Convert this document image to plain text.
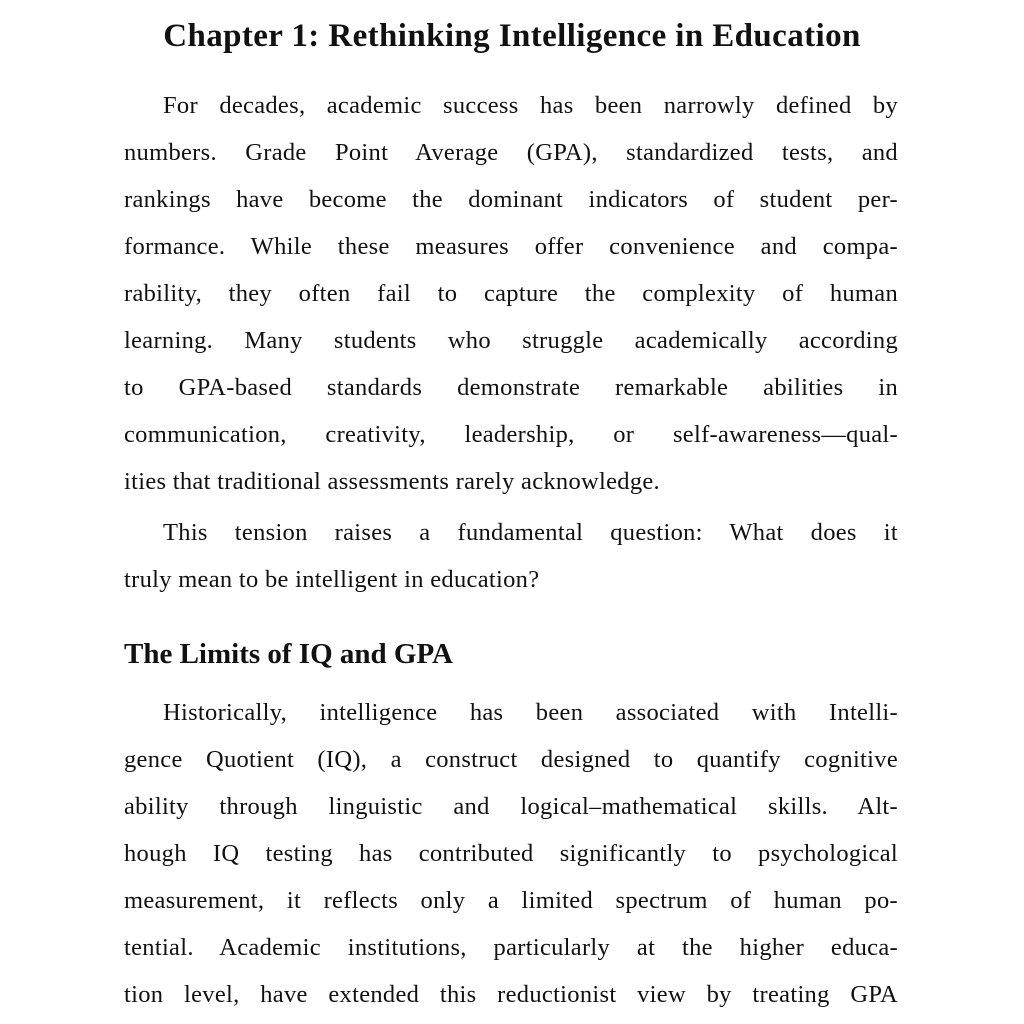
Chapter 1: Rethinking Intelligence in Education
For decades, academic success has been narrowly defined by
numbers. Grade Point Average (GPA), standardized tests, and
rankings have become the dominant indicators of student per-
formance. While these measures offer convenience and compa-
rability, they often fail to capture the complexity of human
learning. Many students who struggle academically according
to GPA-based standards demonstrate remarkable abilities in
communication, creativity, leadership, or self-awareness—qual-
ities that traditional assessments rarely acknowledge.
This tension raises a fundamental question: What does it
truly mean to be intelligent in education?
The Limits of IQ and GPA
Historically, intelligence has been associated with Intelli-
gence Quotient (IQ), a construct designed to quantify cognitive
ability through linguistic and logical–mathematical skills. Alt-
hough IQ testing has contributed significantly to psychological
measurement, it reflects only a limited spectrum of human po-
tential. Academic institutions, particularly at the higher educa-
tion level, have extended this reductionist view by treating GPA
